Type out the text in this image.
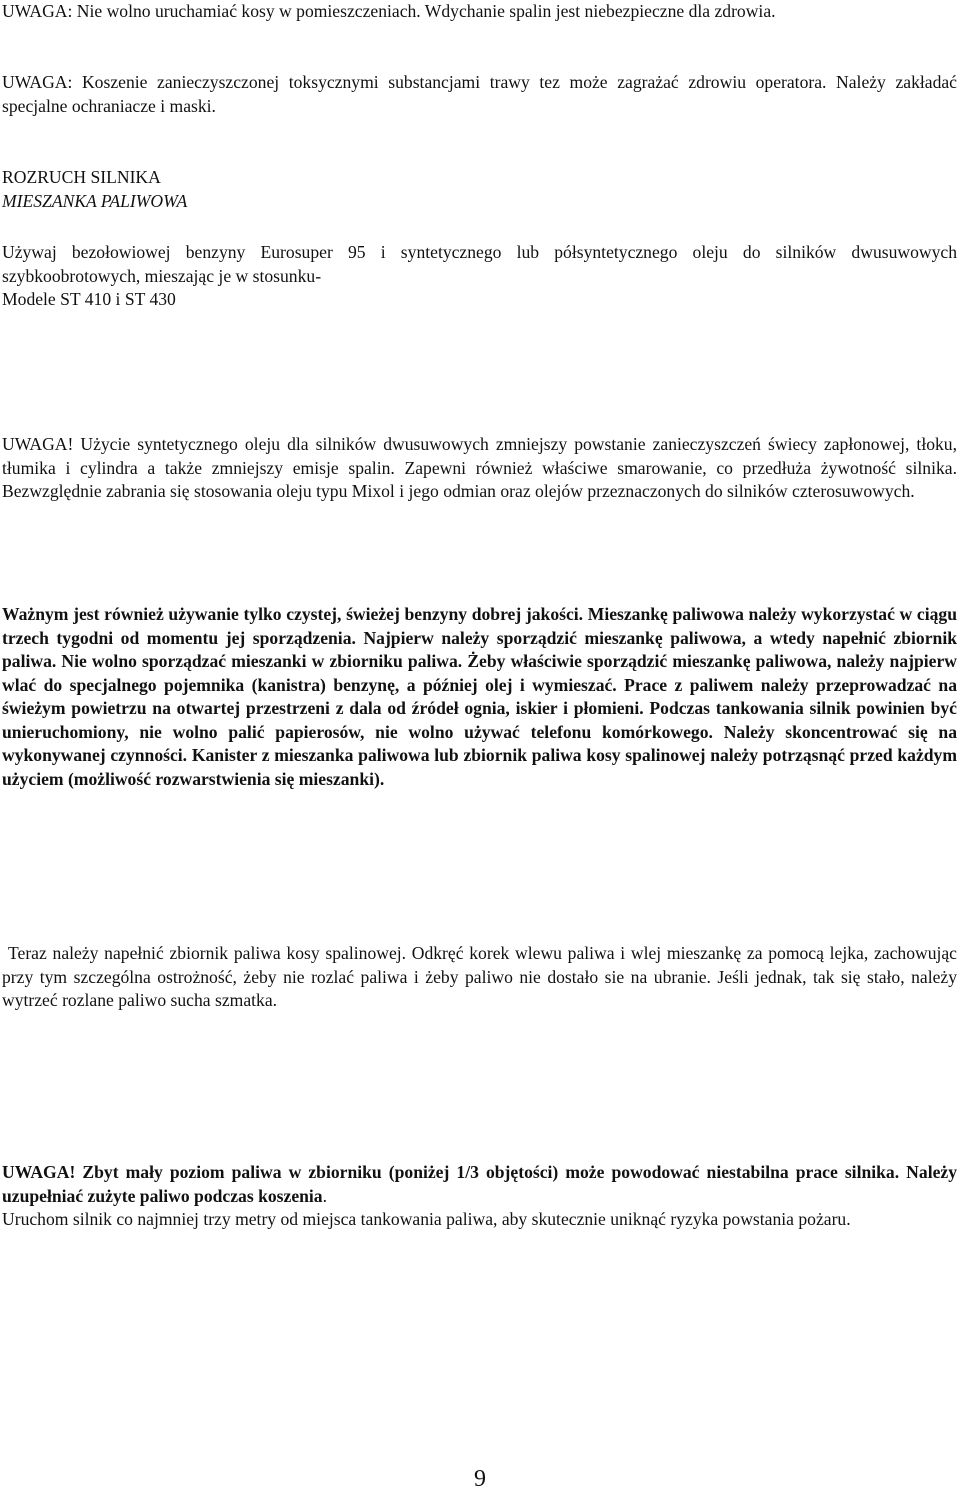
UWAGA: Nie wolno uruchamiać kosy w pomieszczeniach. Wdychanie spalin jest niebezpieczne dla zdrowia.

UWAGA: Koszenie zanieczyszczonej toksycznymi substancjami trawy tez może zagrażać zdrowiu operatora. Należy zakładać specjalne ochraniacze i maski.

ROZRUCH SILNIKA
MIESZANKA PALIWOWA

Używaj bezołowiowej benzyny Eurosuper 95 i syntetycznego lub półsyntetycznego oleju do silników dwusuwowych szybkoobrotowych, mieszając je w stosunku-

Modele ST 410 i ST 430

UWAGA! Użycie syntetycznego oleju dla silników dwusuwowych zmniejszy powstanie zanieczyszczeń świecy zapłonowej, tłoku, tłumika i cylindra a także zmniejszy emisje spalin. Zapewni również właściwe smarowanie, co przedłuża żywotność silnika. Bezwzględnie zabrania się stosowania oleju typu Mixol i jego odmian oraz olejów przeznaczonych do silników czterosuwowych.

Ważnym jest również używanie tylko czystej, świeżej benzyny dobrej jakości. Mieszankę paliwowa należy wykorzystać w ciągu trzech tygodni od momentu jej sporządzenia. Najpierw należy sporządzić mieszankę paliwowa, a wtedy napełnić zbiornik paliwa. Nie wolno sporządzać mieszanki w zbiorniku paliwa. Żeby właściwie sporządzić mieszankę paliwowa, należy najpierw wlać do specjalnego pojemnika (kanistra) benzynę, a później olej i wymieszać. Prace z paliwem należy przeprowadzać na świeżym powietrzu na otwartej przestrzeni z dala od źródeł ognia, iskier i płomieni. Podczas tankowania silnik powinien być unieruchomiony, nie wolno palić papierosów, nie wolno używać telefonu komórkowego. Należy skoncentrować się na wykonywanej czynności. Kanister z mieszanka paliwowa lub zbiornik paliwa kosy spalinowej należy potrząsnąć przed każdym użyciem (możliwość rozwarstwienia się mieszanki).

Teraz należy napełnić zbiornik paliwa kosy spalinowej. Odkręć korek wlewu paliwa i wlej mieszankę za pomocą lejka, zachowując przy tym szczególna ostrożność, żeby nie rozlać paliwa i żeby paliwo nie dostało sie na ubranie. Jeśli jednak, tak się stało, należy wytrzeć rozlane paliwo sucha szmatka.

UWAGA! Zbyt mały poziom paliwa w zbiorniku (poniżej 1/3 objętości) może powodować niestabilna prace silnika. Należy uzupełniać zużyte paliwo podczas koszenia.

Uruchom silnik co najmniej trzy metry od miejsca tankowania paliwa, aby skutecznie uniknąć ryzyka powstania pożaru.

9
